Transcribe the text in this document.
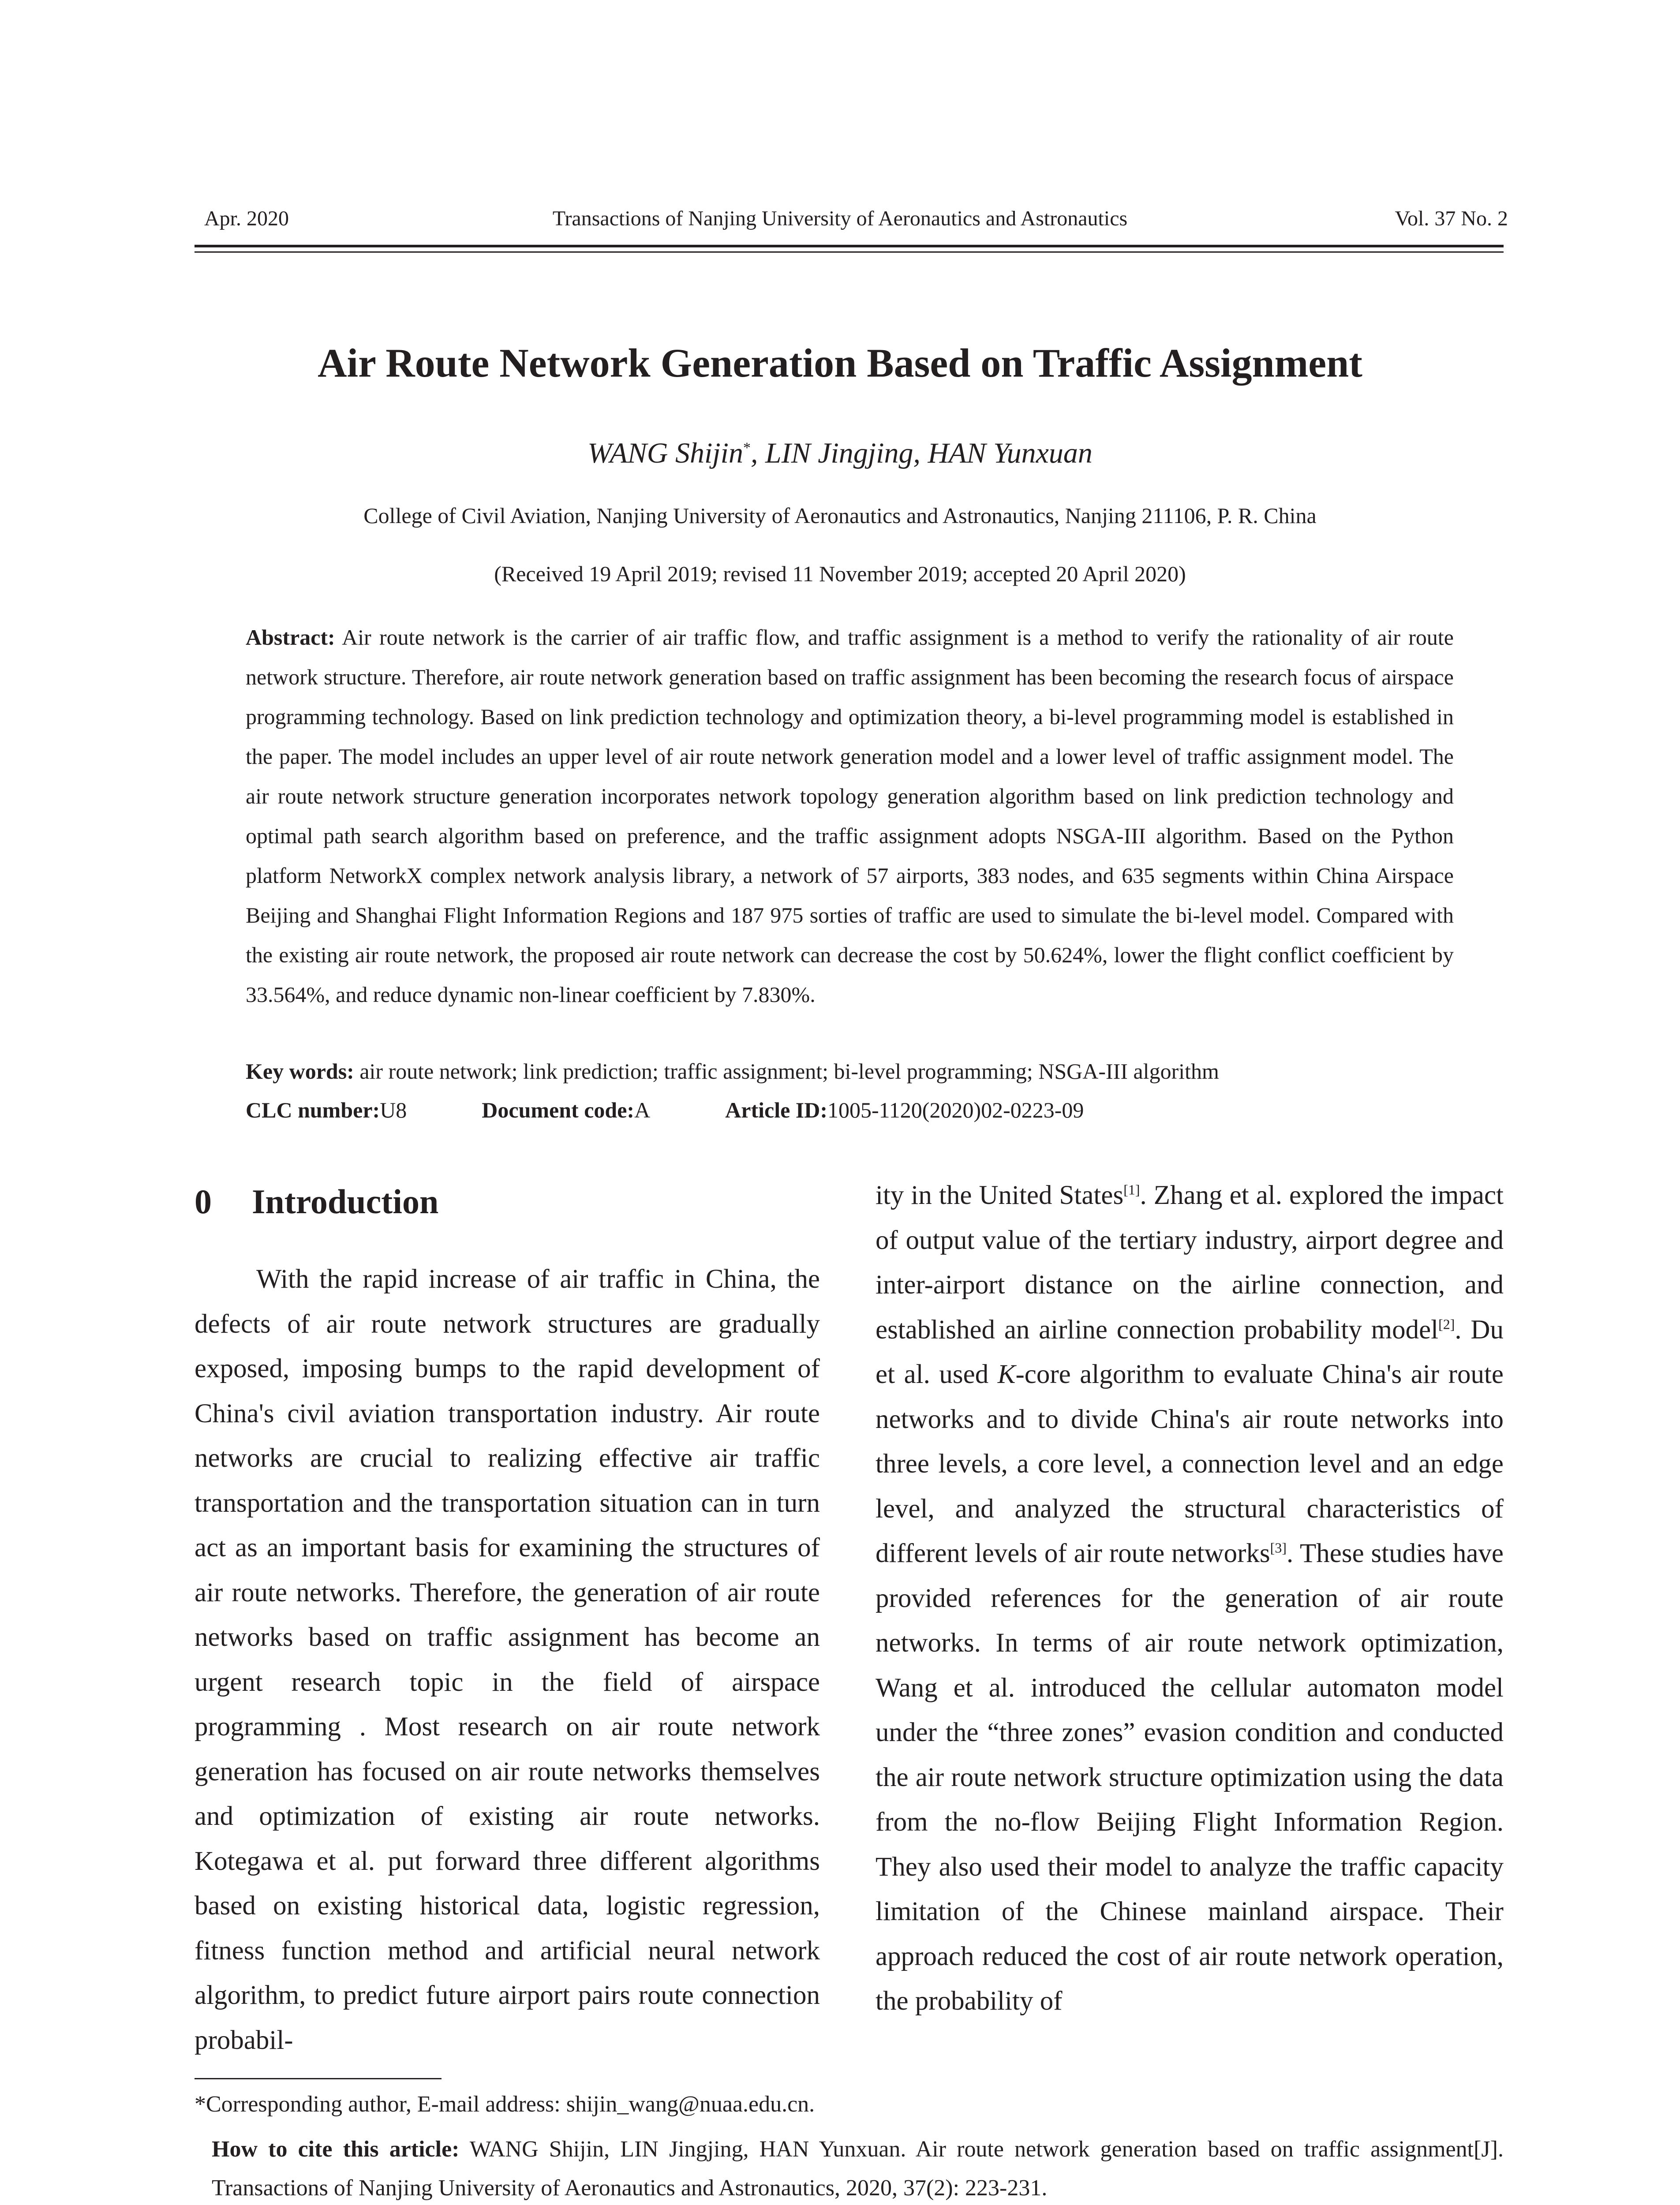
Apr. 2020	Transactions of Nanjing University of Aeronautics and Astronautics	Vol. 37 No. 2
Air Route Network Generation Based on Traffic Assignment
WANG Shijin*, LIN Jingjing, HAN Yunxuan
College of Civil Aviation, Nanjing University of Aeronautics and Astronautics, Nanjing 211106, P. R. China
(Received 19 April 2019; revised 11 November 2019; accepted 20 April 2020)
Abstract: Air route network is the carrier of air traffic flow, and traffic assignment is a method to verify the rationality of air route network structure. Therefore, air route network generation based on traffic assignment has been becoming the research focus of airspace programming technology. Based on link prediction technology and optimization theory, a bi-level programming model is established in the paper. The model includes an upper level of air route network generation model and a lower level of traffic assignment model. The air route network structure generation incorporates network topology generation algorithm based on link prediction technology and optimal path search algorithm based on preference, and the traffic assignment adopts NSGA-III algorithm. Based on the Python platform NetworkX complex network analysis library, a network of 57 airports, 383 nodes, and 635 segments within China Airspace Beijing and Shanghai Flight Information Regions and 187 975 sorties of traffic are used to simulate the bi-level model. Compared with the existing air route network, the proposed air route network can decrease the cost by 50.624%, lower the flight conflict coefficient by 33.564%, and reduce dynamic non-linear coefficient by 7.830%.
Key words: air route network; link prediction; traffic assignment; bi-level programming; NSGA-III algorithm
CLC number:U8	Document code:A	Article ID:1005-1120(2020)02-0223-09
0 Introduction
With the rapid increase of air traffic in China, the defects of air route network structures are gradually exposed, imposing bumps to the rapid development of China's civil aviation transportation industry. Air route networks are crucial to realizing effective air traffic transportation and the transportation situation can in turn act as an important basis for examining the structures of air route networks. Therefore, the generation of air route networks based on traffic assignment has become an urgent research topic in the field of airspace programming . Most research on air route network generation has focused on air route networks themselves and optimization of existing air route networks. Kotegawa et al. put forward three different algorithms based on existing historical data, logistic regression, fitness function method and artificial neural network algorithm, to predict future airport pairs route connection probabil-
ity in the United States[1]. Zhang et al. explored the impact of output value of the tertiary industry, airport degree and inter-airport distance on the airline connection, and established an airline connection probability model[2]. Du et al. used K-core algorithm to evaluate China's air route networks and to divide China's air route networks into three levels, a core level, a connection level and an edge level, and analyzed the structural characteristics of different levels of air route networks[3]. These studies have provided references for the generation of air route networks. In terms of air route network optimization, Wang et al. introduced the cellular automaton model under the “three zones” evasion condition and conducted the air route network structure optimization using the data from the no-flow Beijing Flight Information Region. They also used their model to analyze the traffic capacity limitation of the Chinese mainland airspace. Their approach reduced the cost of air route network operation, the probability of
*Corresponding author, E-mail address: shijin_wang@nuaa.edu.cn.
How to cite this article: WANG Shijin, LIN Jingjing, HAN Yunxuan. Air route network generation based on traffic assignment[J]. Transactions of Nanjing University of Aeronautics and Astronautics, 2020, 37(2): 223-231.
